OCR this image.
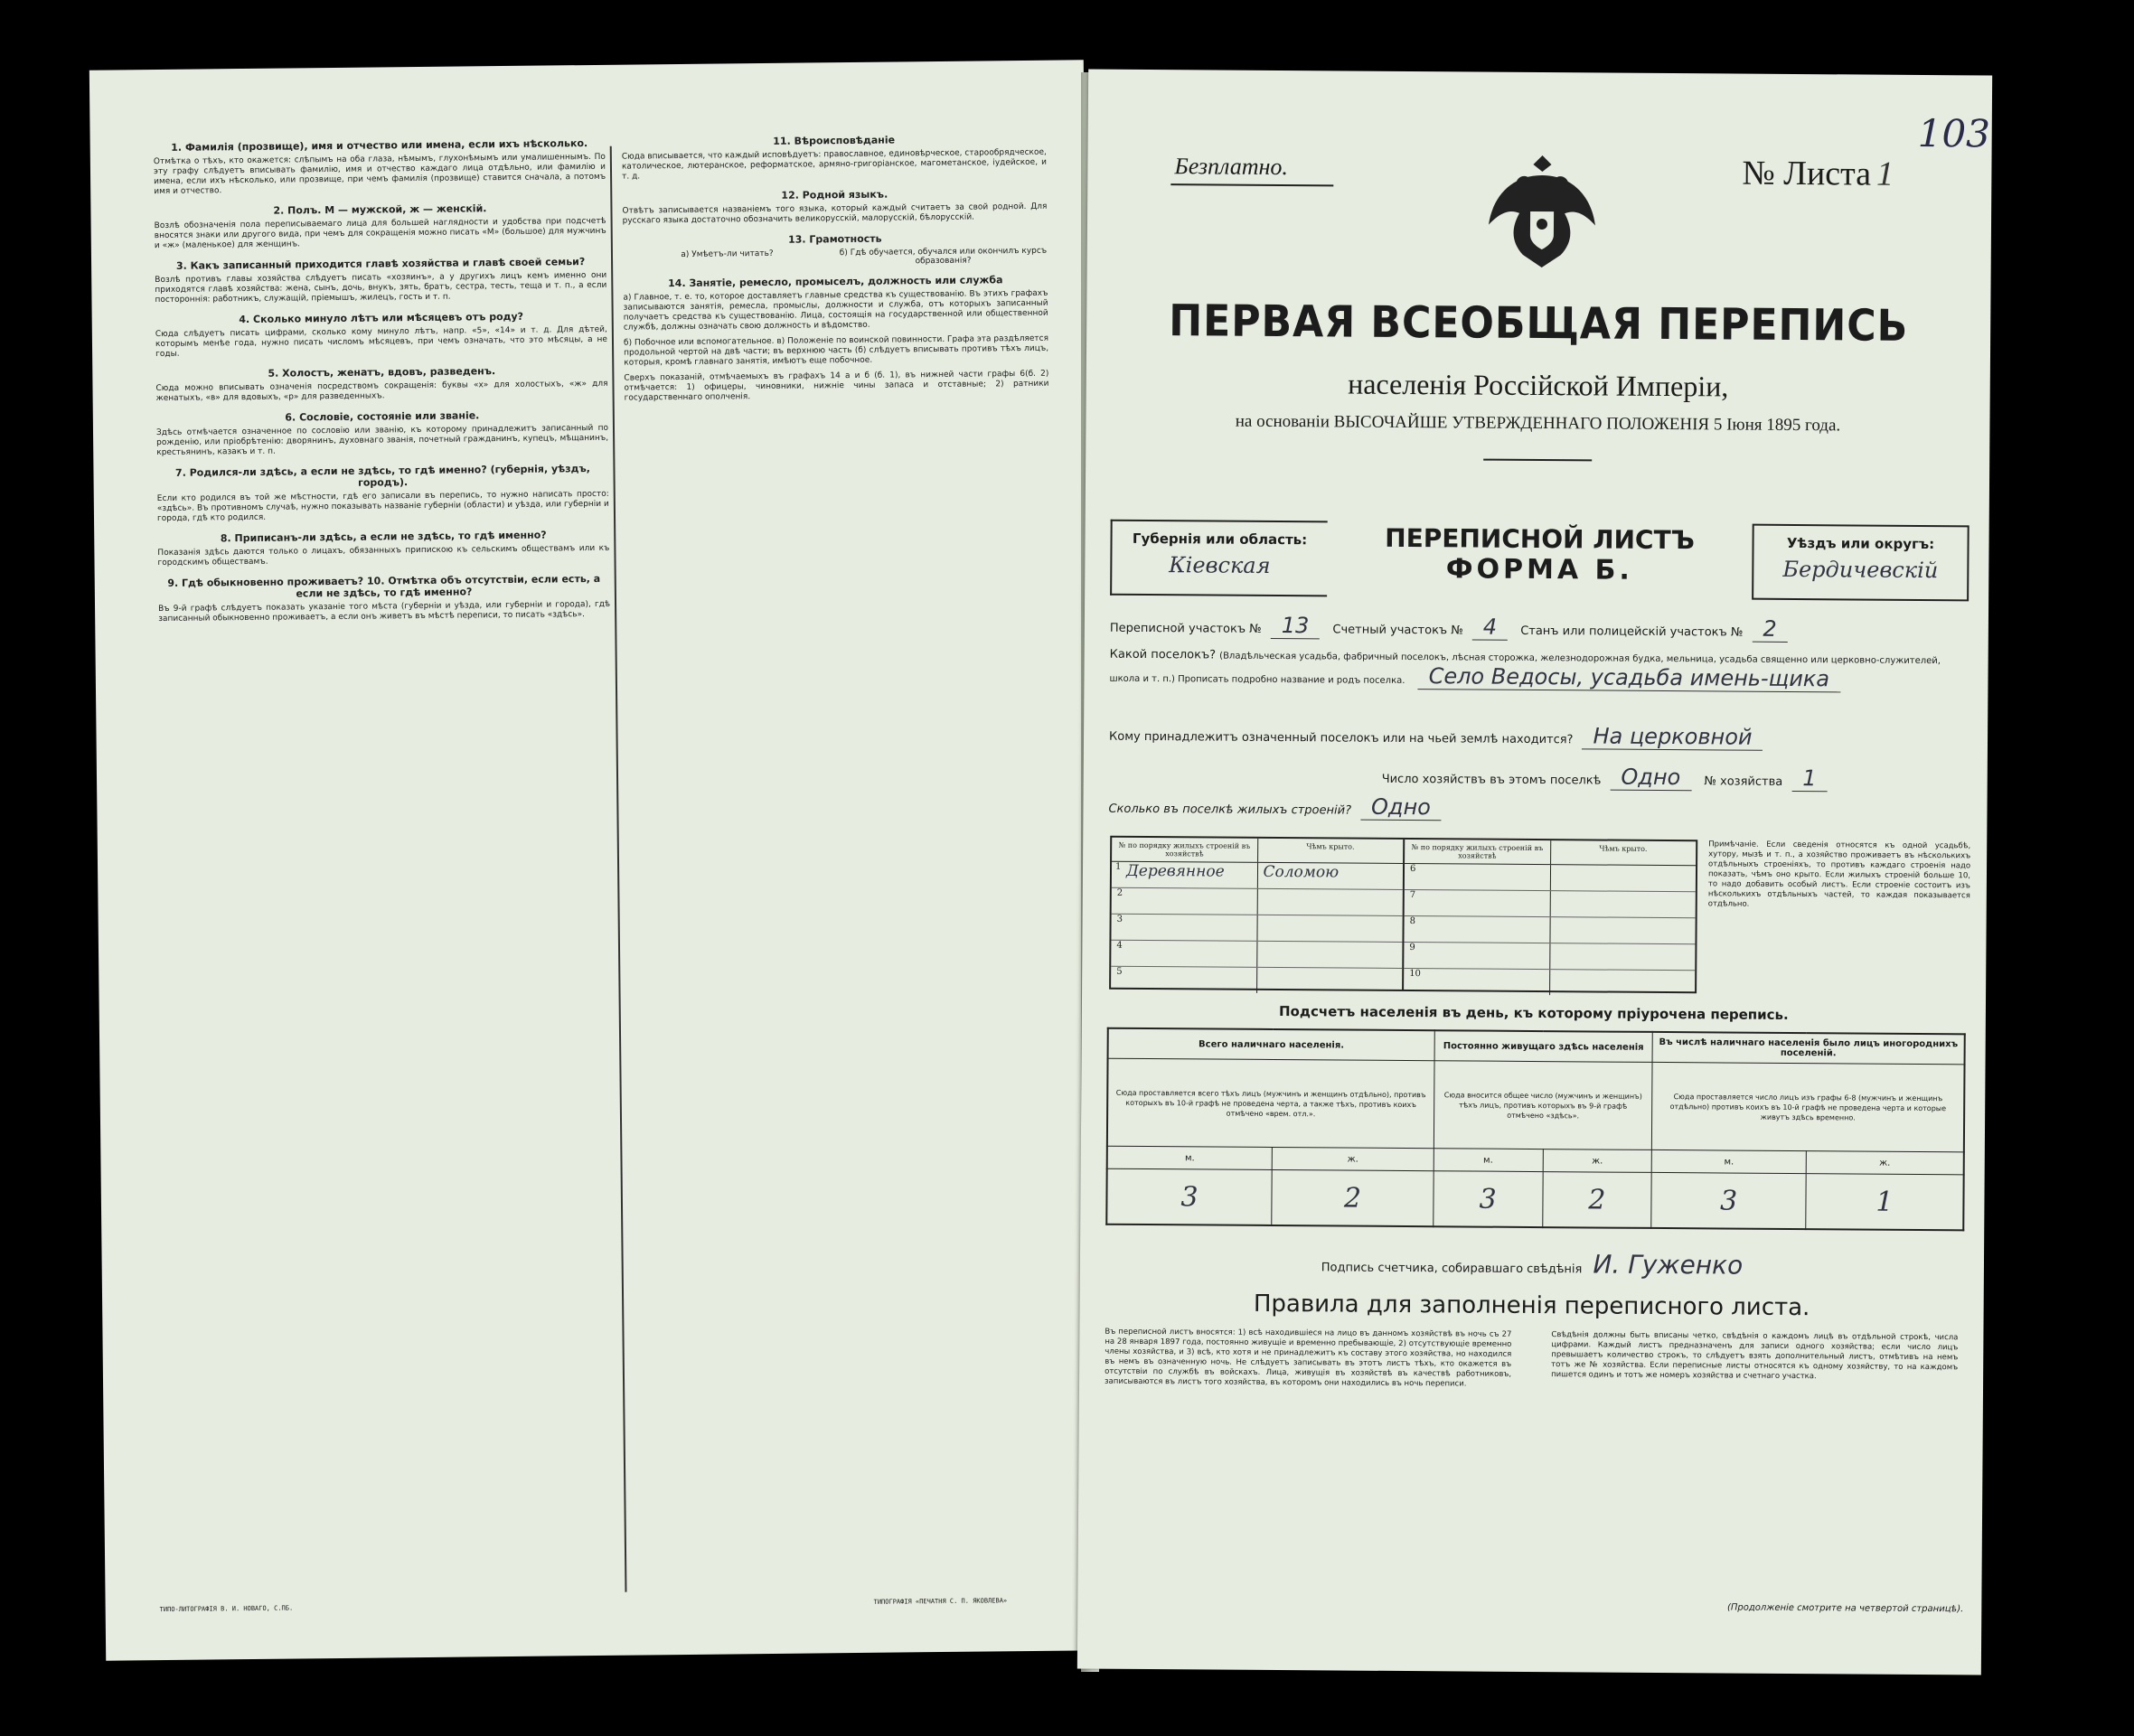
1. Фамилія (прозвище), имя и отчество или имена, если ихъ нѣсколько.

Отмѣтка о тѣхъ, кто окажется: слѣпымъ на оба глаза, нѣмымъ, глухонѣмымъ или умалишеннымъ. По эту графу слѣдуетъ вписывать фамилію, имя и отчество каждаго лица отдѣльно, или фамилію и имена, если ихъ нѣсколько, или прозвище, при чемъ фамилія (прозвище) ставится сначала, а потомъ имя и отчество.

2. Полъ. М — мужской, ж — женскій.

Возлѣ обозначенія пола переписываемаго лица для большей наглядности и удобства при подсчетѣ вносятся знаки или другого вида, при чемъ для сокращенія можно писать «М» (большое) для мужчинъ и «ж» (маленькое) для женщинъ.

3. Какъ записанный приходится главѣ хозяйства и главѣ своей семьи?

Возлѣ противъ главы хозяйства слѣдуетъ писать «хозяинъ», а у другихъ лицъ кемъ именно они приходятся главѣ хозяйства: жена, сынъ, дочь, внукъ, зять, братъ, сестра, тесть, теща и т. п., а если постороннія: работникъ, служащій, пріемышъ, жилецъ, гость и т. п.

4. Сколько минуло лѣтъ или мѣсяцевъ отъ роду?

Сюда слѣдуетъ писать цифрами, сколько кому минуло лѣтъ, напр. «5», «14» и т. д. Для дѣтей, которымъ менѣе года, нужно писать числомъ мѣсяцевъ, при чемъ означать, что это мѣсяцы, а не годы.

5. Холостъ, женатъ, вдовъ, разведенъ.

Сюда можно вписывать означенія посредствомъ сокращенія: буквы «х» для холостыхъ, «ж» для женатыхъ, «в» для вдовыхъ, «р» для разведенныхъ.

6. Сословіе, состояніе или званіе.

Здѣсь отмѣчается означенное по сословію или званію, къ которому принадлежитъ записанный по рожденію, или пріобрѣтенію: дворянинъ, духовнаго званія, почетный гражданинъ, купецъ, мѣщанинъ, крестьянинъ, казакъ и т. п.

7. Родился-ли здѣсь, а если не здѣсь, то гдѣ именно? (губернія, уѣздъ, городъ).

Если кто родился въ той же мѣстности, гдѣ его записали въ перепись, то нужно написать просто: «здѣсь». Въ противномъ случаѣ, нужно показывать названіе губерніи (области) и уѣзда, или губерніи и города, гдѣ кто родился.

8. Приписанъ-ли здѣсь, а если не здѣсь, то гдѣ именно?

Показанія здѣсь даются только о лицахъ, обязанныхъ припискою къ сельскимъ обществамъ или къ городскимъ обществамъ.

9. Гдѣ обыкновенно проживаетъ? 10. Отмѣтка объ отсутствіи, если есть, а если не здѣсь, то гдѣ именно?

Въ 9-й графѣ слѣдуетъ показать указаніе того мѣста (губерніи и уѣзда, или губерніи и города), гдѣ записанный обыкновенно проживаетъ, а если онъ живетъ въ мѣстѣ переписи, то писать «здѣсь».

11. Вѣроисповѣданіе

Сюда вписывается, что каждый исповѣдуетъ: православное, единовѣрческое, старообрядческое, католическое, лютеранское, реформатское, армяно-григоріанское, магометанское, іудейское, и т. д.

12. Родной языкъ.

Отвѣтъ записывается названіемъ того языка, который каждый считаетъ за свой родной. Для русскаго языка достаточно обозначить великорусскій, малорусскій, бѣлорусскій.

13. Грамотность
а) Умѣетъ-ли читать?	б) Гдѣ обучается, обучался или окончилъ курсъ образованія?
14. Занятіе, ремесло, промыселъ, должность или служба

а) Главное, т. е. то, которое доставляетъ главные средства къ существованію. Въ этихъ графахъ записываются занятія, ремесла, промыслы, должности и служба, отъ которыхъ записанный получаетъ средства къ существованію. Лица, состоящія на государственной или общественной службѣ, должны означать свою должность и вѣдомство.

б) Побочное или вспомогательное. в) Положеніе по воинской повинности. Графа эта раздѣляется продольной чертой на двѣ части; въ верхнюю часть (б) слѣдуетъ вписывать противъ тѣхъ лицъ, которыя, кромѣ главнаго занятія, имѣютъ еще побочное.

Сверхъ показаній, отмѣчаемыхъ въ графахъ 14 а и б (б. 1), въ нижней части графы 6(б. 2) отмѣчается: 1) офицеры, чиновники, нижніе чины запаса и отставные; 2) ратники государственнаго ополченія.

ТИПО-ЛИТОГРАФІЯ В. И. НОВАГО, С.ПБ.
ТИПОГРАФІЯ «ПЕЧАТНЯ С. П. ЯКОВЛЕВА»
103
Безплатно.	№ Листа 1
ПЕРВАЯ ВСЕОБЩАЯ ПЕРЕПИСЬ
населенія Россійской Имперіи,
на основаніи ВЫСОЧАЙШЕ УТВЕРЖДЕННАГО ПОЛОЖЕНІЯ 5 Іюня 1895 года.
Губернія или область:
Кіевская
ПЕРЕПИСНОЙ ЛИСТЪ
ФОРМА Б.
Уѣздъ или округъ:
Бердичевскій
Переписной участокъ № 13 Счетный участокъ № 4 Станъ или полицейскій участокъ № 2
Какой поселокъ? (Владѣльческая усадьба, фабричный поселокъ, лѣсная сторожка, железнодорожная будка, мельница, усадьба священно или церковно-служителей, школа и т. п.) Прописать подробно название и родъ поселка. Село Ведосы, усадьба имень-щика
Кому принадлежитъ означенный поселокъ или на чьей землѣ находится? На церковной
Число хозяйствъ въ этомъ поселкѣ Одно № хозяйства 1
Сколько въ поселкѣ жилыхъ строеній? Одно
№ по порядку жилыхъ строеній въ хозяйствѣ
Чѣмъ крыто.
1 Деревянное	Соломою
2
3
4
5
№ по порядку жилыхъ строеній въ хозяйствѣ
Чѣмъ крыто.
6
7
8
9
10
Примѣчаніе. Если сведенія относятся къ одной усадьбѣ, хутору, мызѣ и т. п., а хозяйство проживаетъ въ нѣсколькихъ отдѣльныхъ строеніяхъ, то противъ каждаго строенія надо показать, чѣмъ оно крыто. Если жилыхъ строеній больше 10, то надо добавить особый листъ. Если строеніе состоитъ изъ нѣсколькихъ отдѣльныхъ частей, то каждая показывается отдѣльно.
Подсчетъ населенія въ день, къ которому пріурочена перепись.
Всего наличнаго населенія.		Постоянно живущаго здѣсь населенія		Въ числѣ наличнаго населенія было лицъ иногороднихъ поселеній.	
Сюда проставляется всего тѣхъ лицъ (мужчинъ и женщинъ отдѣльно), противъ которыхъ въ 10-й графѣ не проведена черта, а также тѣхъ, противъ коихъ отмѣчено «врем. отл.».		Сюда вносится общее число (мужчинъ и женщинъ) тѣхъ лицъ, противъ которыхъ въ 9-й графѣ отмѣчено «здѣсь».		Сюда проставляется число лицъ изъ графы 6-8 (мужчинъ и женщинъ отдѣльно) противъ коихъ въ 10-й графѣ не проведена черта и которые живутъ здѣсь временно.	
м.	ж.	м.	ж.	м.	ж.
3	2	3	2	3	1
Подпись счетчика, собиравшаго свѣдѣнія И. Гуженко
Правила для заполненія переписного листа.
Въ переписной листъ вносятся: 1) всѣ находившіеся на лицо въ данномъ хозяйствѣ въ ночь съ 27 на 28 января 1897 года, постоянно живущіе и временно пребывающіе, 2) отсутствующіе временно члены хозяйства, и 3) всѣ, кто хотя и не принадлежитъ къ составу этого хозяйства, но находился въ немъ въ означенную ночь. Не слѣдуетъ записывать въ этотъ листъ тѣхъ, кто окажется въ отсутствіи по службѣ въ войскахъ. Лица, живущія въ хозяйствѣ въ качествѣ работниковъ, записываются въ листъ того хозяйства, въ которомъ они находились въ ночь переписи.
Свѣдѣнія должны быть вписаны четко, свѣдѣнія о каждомъ лицѣ въ отдѣльной строкѣ, числа цифрами. Каждый листъ предназначенъ для записи одного хозяйства; если число лицъ превышаетъ количество строкъ, то слѣдуетъ взять дополнительный листъ, отмѣтивъ на немъ тотъ же № хозяйства. Если переписные листы относятся къ одному хозяйству, то на каждомъ пишется одинъ и тотъ же номеръ хозяйства и счетнаго участка.
(Продолженіе смотрите на четвертой страницѣ).
